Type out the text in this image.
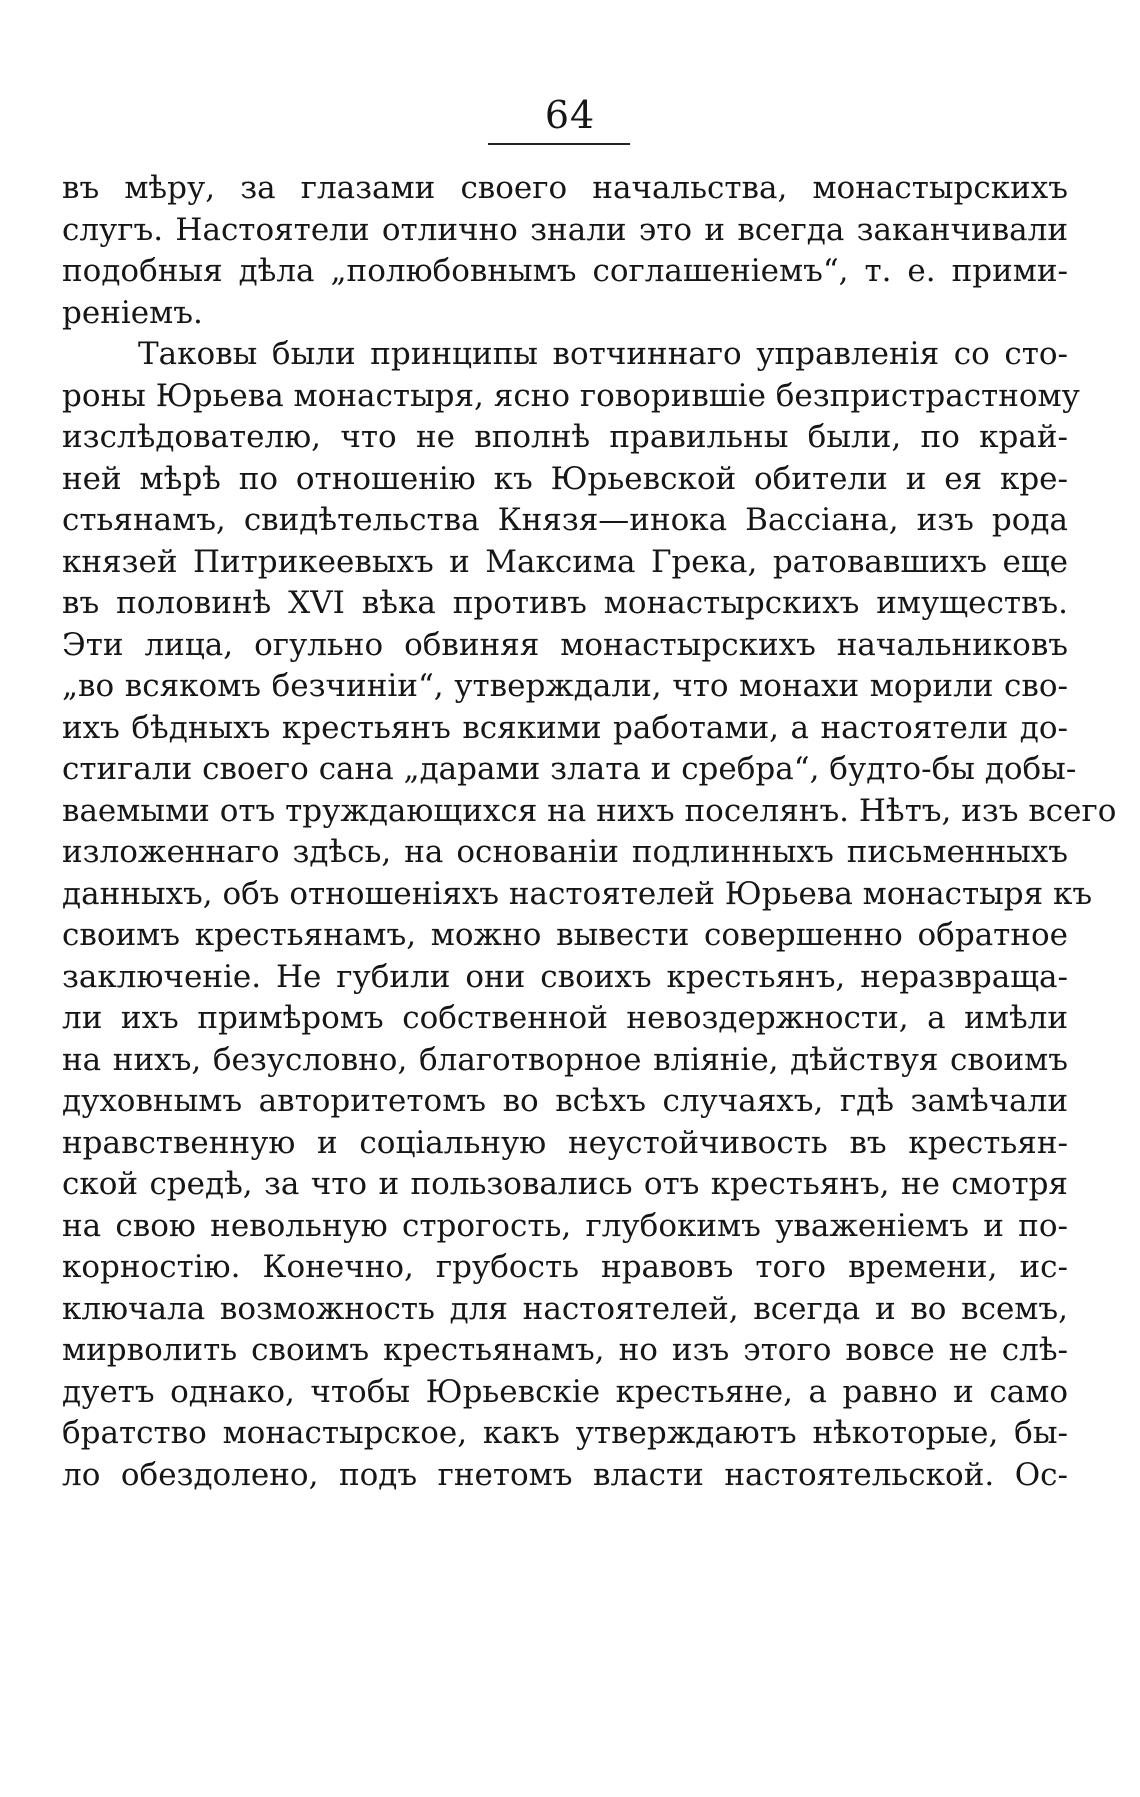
64
въ мѣру, за глазами своего начальства, монастырскихъ
слугъ. Настоятели отлично знали это и всегда заканчивали
подобныя дѣла „полюбовнымъ соглашеніемъ“, т. е. прими-
реніемъ.
Таковы были принципы вотчиннаго управленія со сто-
роны Юрьева монастыря, ясно говорившіе безпристрастному
изслѣдователю, что не вполнѣ правильны были, по край-
ней мѣрѣ по отношенію къ Юрьевской обители и ея кре-
стьянамъ, свидѣтельства Князя—инока Вассіана, изъ рода
князей Питрикеевыхъ и Максима Грека, ратовавшихъ еще
въ половинѣ XVI вѣка противъ монастырскихъ имуществъ.
Эти лица, огульно обвиняя монастырскихъ начальниковъ
„во всякомъ безчиніи“, утверждали, что монахи морили сво-
ихъ бѣдныхъ крестьянъ всякими работами, а настоятели до-
стигали своего сана „дарами злата и сребра“, будто-бы добы-
ваемыми отъ труждающихся на нихъ поселянъ. Нѣтъ, изъ всего
изложеннаго здѣсь, на основаніи подлинныхъ письменныхъ
данныхъ, объ отношеніяхъ настоятелей Юрьева монастыря къ
своимъ крестьянамъ, можно вывести совершенно обратное
заключеніе. Не губили они своихъ крестьянъ, неразвраща-
ли ихъ примѣромъ собственной невоздержности, а имѣли
на нихъ, безусловно, благотворное вліяніе, дѣйствуя своимъ
духовнымъ авторитетомъ во всѣхъ случаяхъ, гдѣ замѣчали
нравственную и соціальную неустойчивость въ крестьян-
ской средѣ, за что и пользовались отъ крестьянъ, не смотря
на свою невольную строгость, глубокимъ уваженіемъ и по-
корностію. Конечно, грубость нравовъ того времени, ис-
ключала возможность для настоятелей, всегда и во всемъ,
мирволить своимъ крестьянамъ, но изъ этого вовсе не слѣ-
дуетъ однако, чтобы Юрьевскіе крестьяне, а равно и само
братство монастырское, какъ утверждаютъ нѣкоторые, бы-
ло обездолено, подъ гнетомъ власти настоятельской. Ос-
